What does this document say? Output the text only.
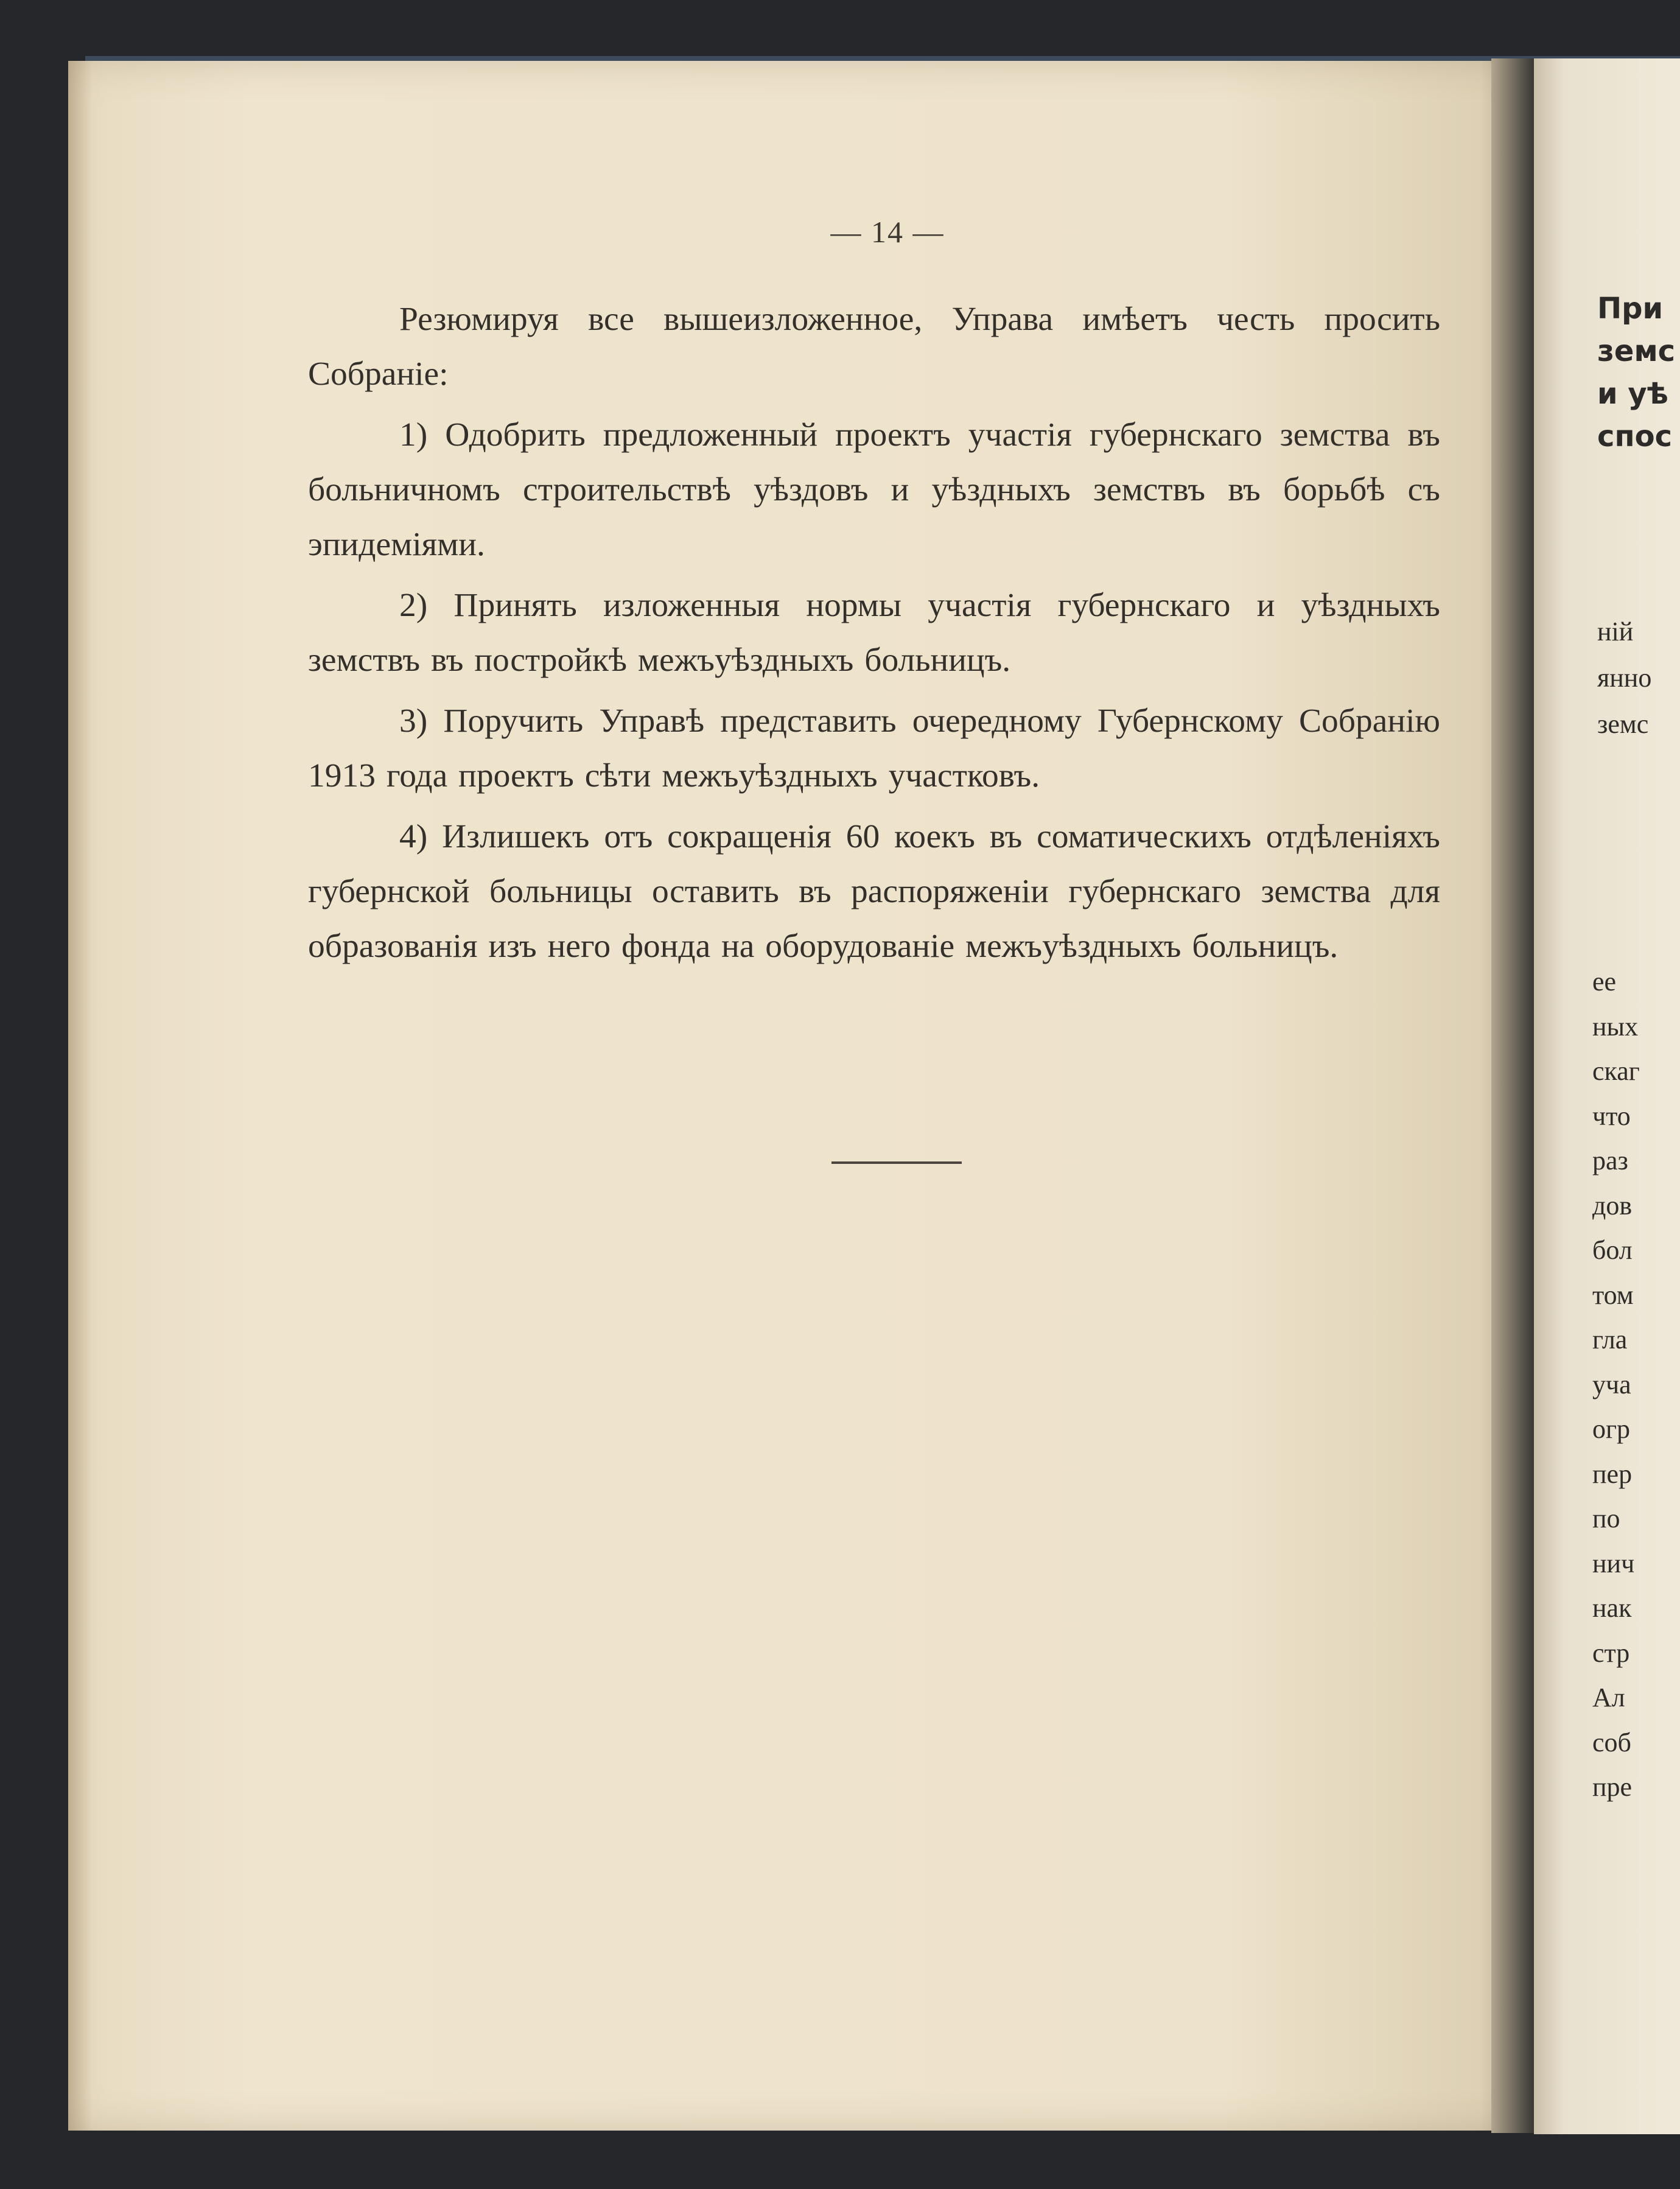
— 14 —

Резюмируя все вышеизложенное, Управа имѣетъ честь просить Собраніе:

1) Одобрить предложенный проектъ участія губернскаго земства въ больничномъ строительствѣ уѣздовъ и уѣздныхъ земствъ въ борьбѣ съ эпидеміями.

2) Принять изложенныя нормы участія губернскаго и уѣздныхъ земствъ въ постройкѣ межъуѣздныхъ больницъ.

3) Поручить Управѣ представить очередному Губернскому Собранію 1913 года проектъ сѣти межъуѣздныхъ участковъ.

4) Излишекъ отъ сокращенія 60 коекъ въ соматическихъ отдѣленіяхъ губернской больницы оставить въ распоряженіи губернскаго земства для образованія изъ него фонда на оборудованіе межъуѣздныхъ больницъ.

При
земс
и уѣ
спос
ній
янно
земс
ее
ных
скаг
что
раз
дов
бол
том
гла
уча
огр
пер
по
нич
нак
стр
Ал
соб
пре
